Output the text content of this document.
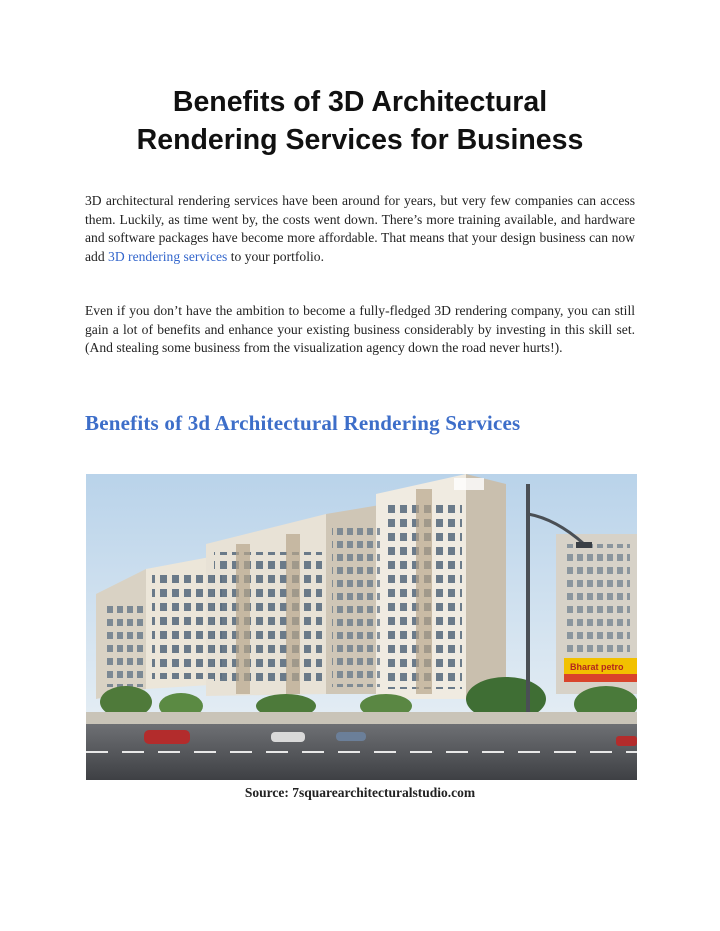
Benefits of 3D Architectural
Rendering Services for Business

3D architectural rendering services have been around for years, but very few companies can access them. Luckily, as time went by, the costs went down. There’s more training available, and hardware and software packages have become more affordable. That means that your design business can now add 3D rendering services to your portfolio.

Even if you don’t have the ambition to become a fully-fledged 3D rendering company, you can still gain a lot of benefits and enhance your existing business considerably by investing in this skill set. (And stealing some business from the visualization agency down the road never hurts!).

Benefits of 3d Architectural Rendering Services
Bharat petro

Source: 7squarearchitecturalstudio.com
